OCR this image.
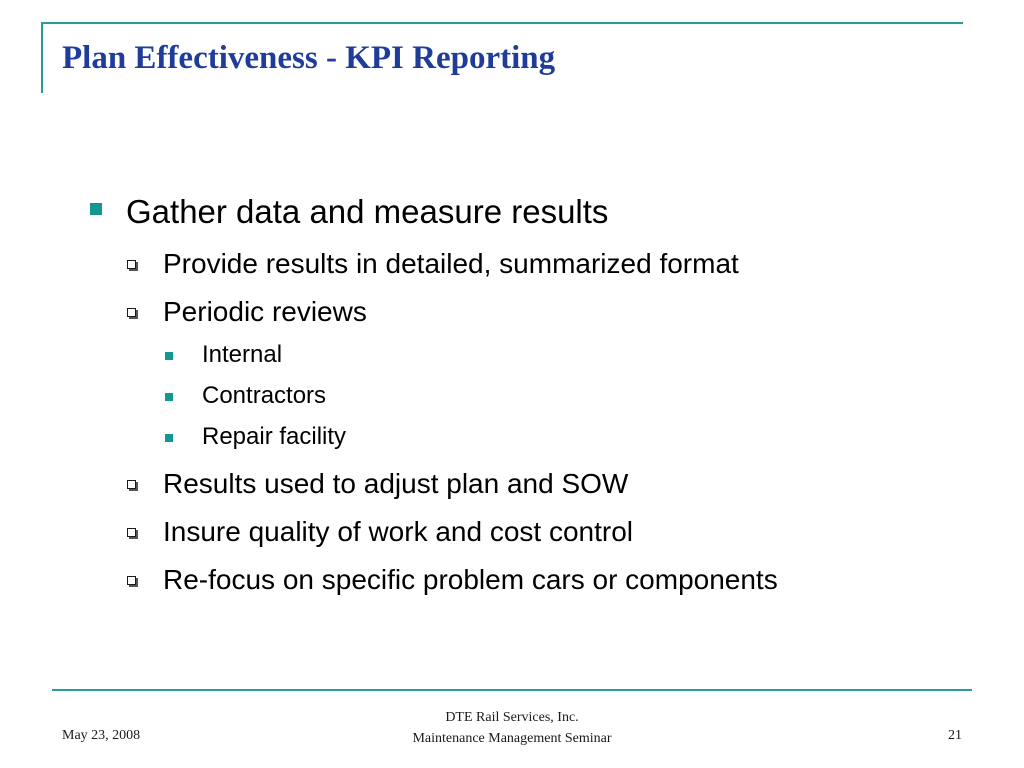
Plan Effectiveness - KPI Reporting
Gather data and measure results
Provide results in detailed, summarized format
Periodic reviews
Internal
Contractors
Repair facility
Results used to adjust plan and SOW
Insure quality of work and cost control
Re-focus on specific problem cars or components
May 23, 2008
DTE Rail Services, Inc.
Maintenance Management Seminar	21
